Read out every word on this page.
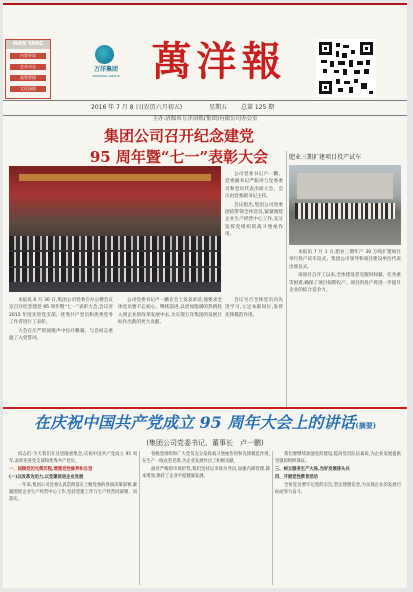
WAN YANG
内容导读
企业动态
政策要闻
文化园地
万洋集团
WANYANG GROUP 萬洋報
2016 年 7 月 8 日(农历六月初五)	星期五 总第 125 期
主办:济源市万洋冶炼(集团)有限公司办公室
集团公司召开纪念建党
95 周年暨“七一”表彰大会	肥业三期扩建项目投产试车

公司党委书记卢一鹏、党委副书记严振涛与党委委员和党员代表出席大会。会议由党委副书记主持。

会议指出,集团公司党委团结带领全体党员,紧紧围绕企业生产经营中心工作,充分发挥党组织的战斗堡垒作用。

本报讯 7 月 1 日,肥业三期年产 30 万吨扩建项目举行投产试车仪式。集团公司领导和项目建设单位代表出席仪式。

该项目自开工以来,全体建设者克服时间紧、任务重等困难,确保了项目按期投产。项目的投产将进一步提升企业的综合竞争力。

本报讯 6 月 30 日,集团公司党委在办公楼会议室召开纪念建党 95 周年暨“七一”表彰大会,会议对 2015 年度先进党支部、优秀共产党员和优秀党务工作者进行了表彰。

大会在庄严的国歌声中拉开帷幕。与会同志重温了入党誓词。

公司党委书记卢一鹏在会上发表讲话,他要求全体党员要不忘初心、继续前进,以更加饱满的热情投入到企业的改革发展中去,为实现万洋集团的发展目标作出新的更大贡献。

会议号召全体党员向先进学习,立足本职岗位,发挥先锋模范作用。

在庆祝中国共产党成立 95 周年大会上的讲话(摘要)
(集团公司党委书记、董事长　卢一鹏)

同志们:今天我们在这里隆重集会,庆祝中国共产党成立 95 周年,表彰先进党支部和优秀共产党员。

一、回顾党的光辉历程,增强党性修养和自觉

(一)以改革为动力,以党建促进企业发展

一年来,集团公司党委认真贯彻落实上级党委的各项决策部署,紧紧围绕企业生产经营中心工作,坚持党建工作与生产经营同部署、同落实。

各级党组织和广大党员充分发挥战斗堡垒作用和先锋模范作用,在生产一线攻坚克难,为企业发展作出了积极贡献。

面对严峻的市场形势,我们坚持以市场为导向,加强内部管理,降本增效,保持了企业平稳健康发展。

我们要继续加强党的建设,提高党员队伍素质,为企业发展提供坚强的组织保证。

三、树立服务生产大局,当好发展排头兵

四、开展党性教育活动

全体党员要牢记党的宗旨,坚定理想信念,为实现企业的发展目标而努力奋斗。
